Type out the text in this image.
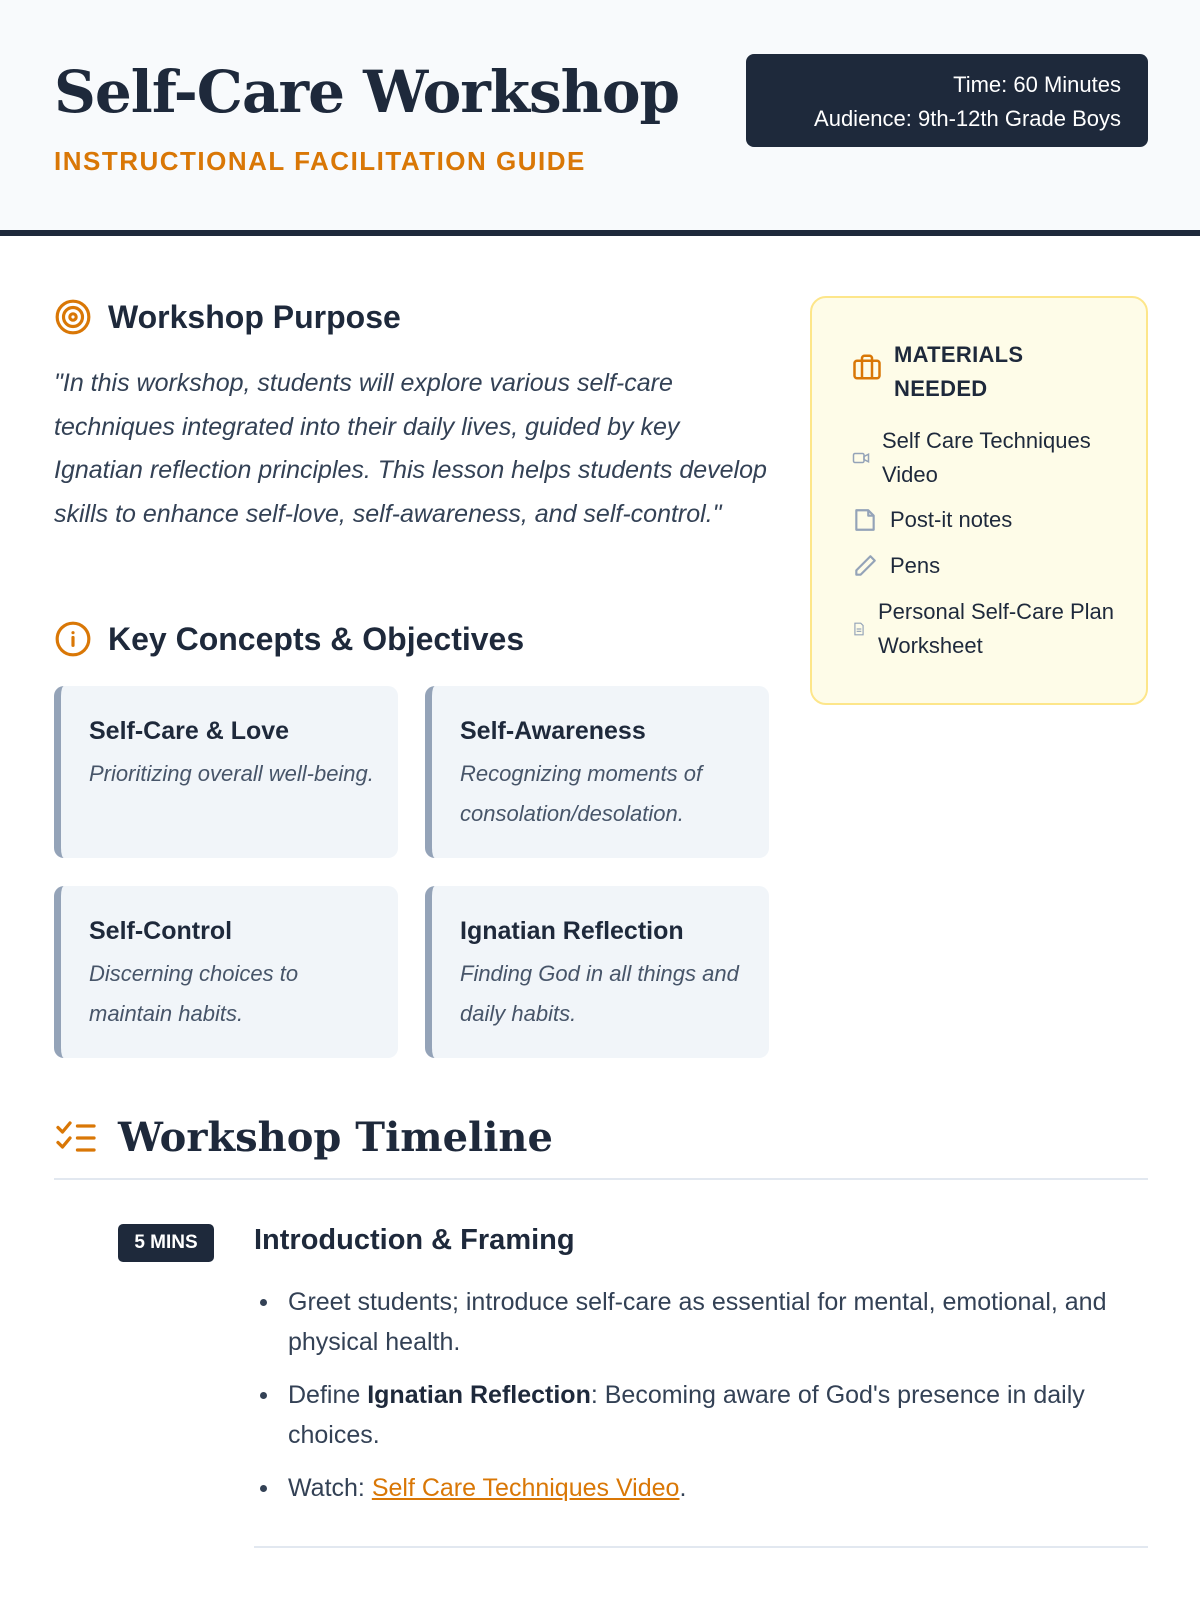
Self-Care Workshop
INSTRUCTIONAL FACILITATION GUIDE
Time: 60 Minutes
Audience: 9th-12th Grade Boys
Workshop Purpose

"In this workshop, students will explore various self-care techniques integrated into their daily lives, guided by key Ignatian reflection principles. This lesson helps students develop skills to enhance self-love, self-awareness, and self-control."

Key Concepts & Objectives
Self-Care & Love
Prioritizing overall well-being.
Self-Awareness
Recognizing moments of consolation/desolation.
Self-Control
Discerning choices to maintain habits.
Ignatian Reflection
Finding God in all things and daily habits.
MATERIALS NEEDED
Self Care Techniques Video
Post-it notes
Pens
Personal Self-Care Plan Worksheet
Workshop Timeline
5 MINS	Introduction & Framing
Greet students; introduce self-care as essential for mental, emotional, and physical health.
Define Ignatian Reflection: Becoming aware of God's presence in daily choices.
Watch: Self Care Techniques Video.
